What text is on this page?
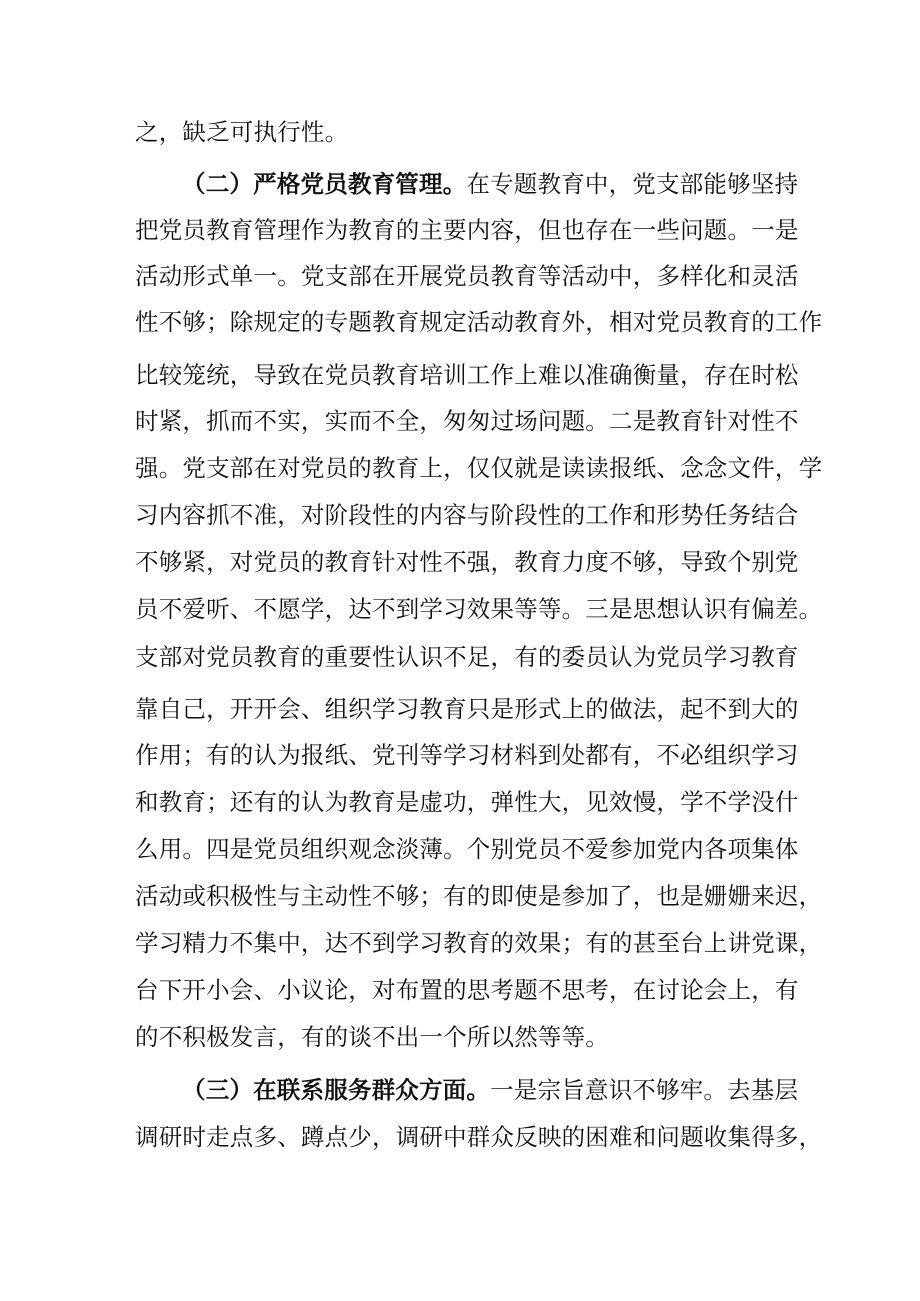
之，缺乏可执行性。
（二）严格党员教育管理。在专题教育中，党支部能够坚持
把党员教育管理作为教育的主要内容，但也存在一些问题。一是
活动形式单一。党支部在开展党员教育等活动中，多样化和灵活
性不够；除规定的专题教育规定活动教育外，相对党员教育的工作
比较笼统，导致在党员教育培训工作上难以准确衡量，存在时松
时紧，抓而不实，实而不全，匆匆过场问题。二是教育针对性不
强。党支部在对党员的教育上，仅仅就是读读报纸、念念文件，学
习内容抓不准，对阶段性的内容与阶段性的工作和形势任务结合
不够紧，对党员的教育针对性不强，教育力度不够，导致个别党
员不爱听、不愿学，达不到学习效果等等。三是思想认识有偏差。
支部对党员教育的重要性认识不足，有的委员认为党员学习教育
靠自己，开开会、组织学习教育只是形式上的做法，起不到大的
作用；有的认为报纸、党刊等学习材料到处都有，不必组织学习
和教育；还有的认为教育是虚功，弹性大，见效慢，学不学没什
么用。四是党员组织观念淡薄。个别党员不爱参加党内各项集体
活动或积极性与主动性不够；有的即使是参加了，也是姗姗来迟，
学习精力不集中，达不到学习教育的效果；有的甚至台上讲党课，
台下开小会、小议论，对布置的思考题不思考，在讨论会上，有
的不积极发言，有的谈不出一个所以然等等。
（三）在联系服务群众方面。一是宗旨意识不够牢。去基层
调研时走点多、蹲点少，调研中群众反映的困难和问题收集得多，
